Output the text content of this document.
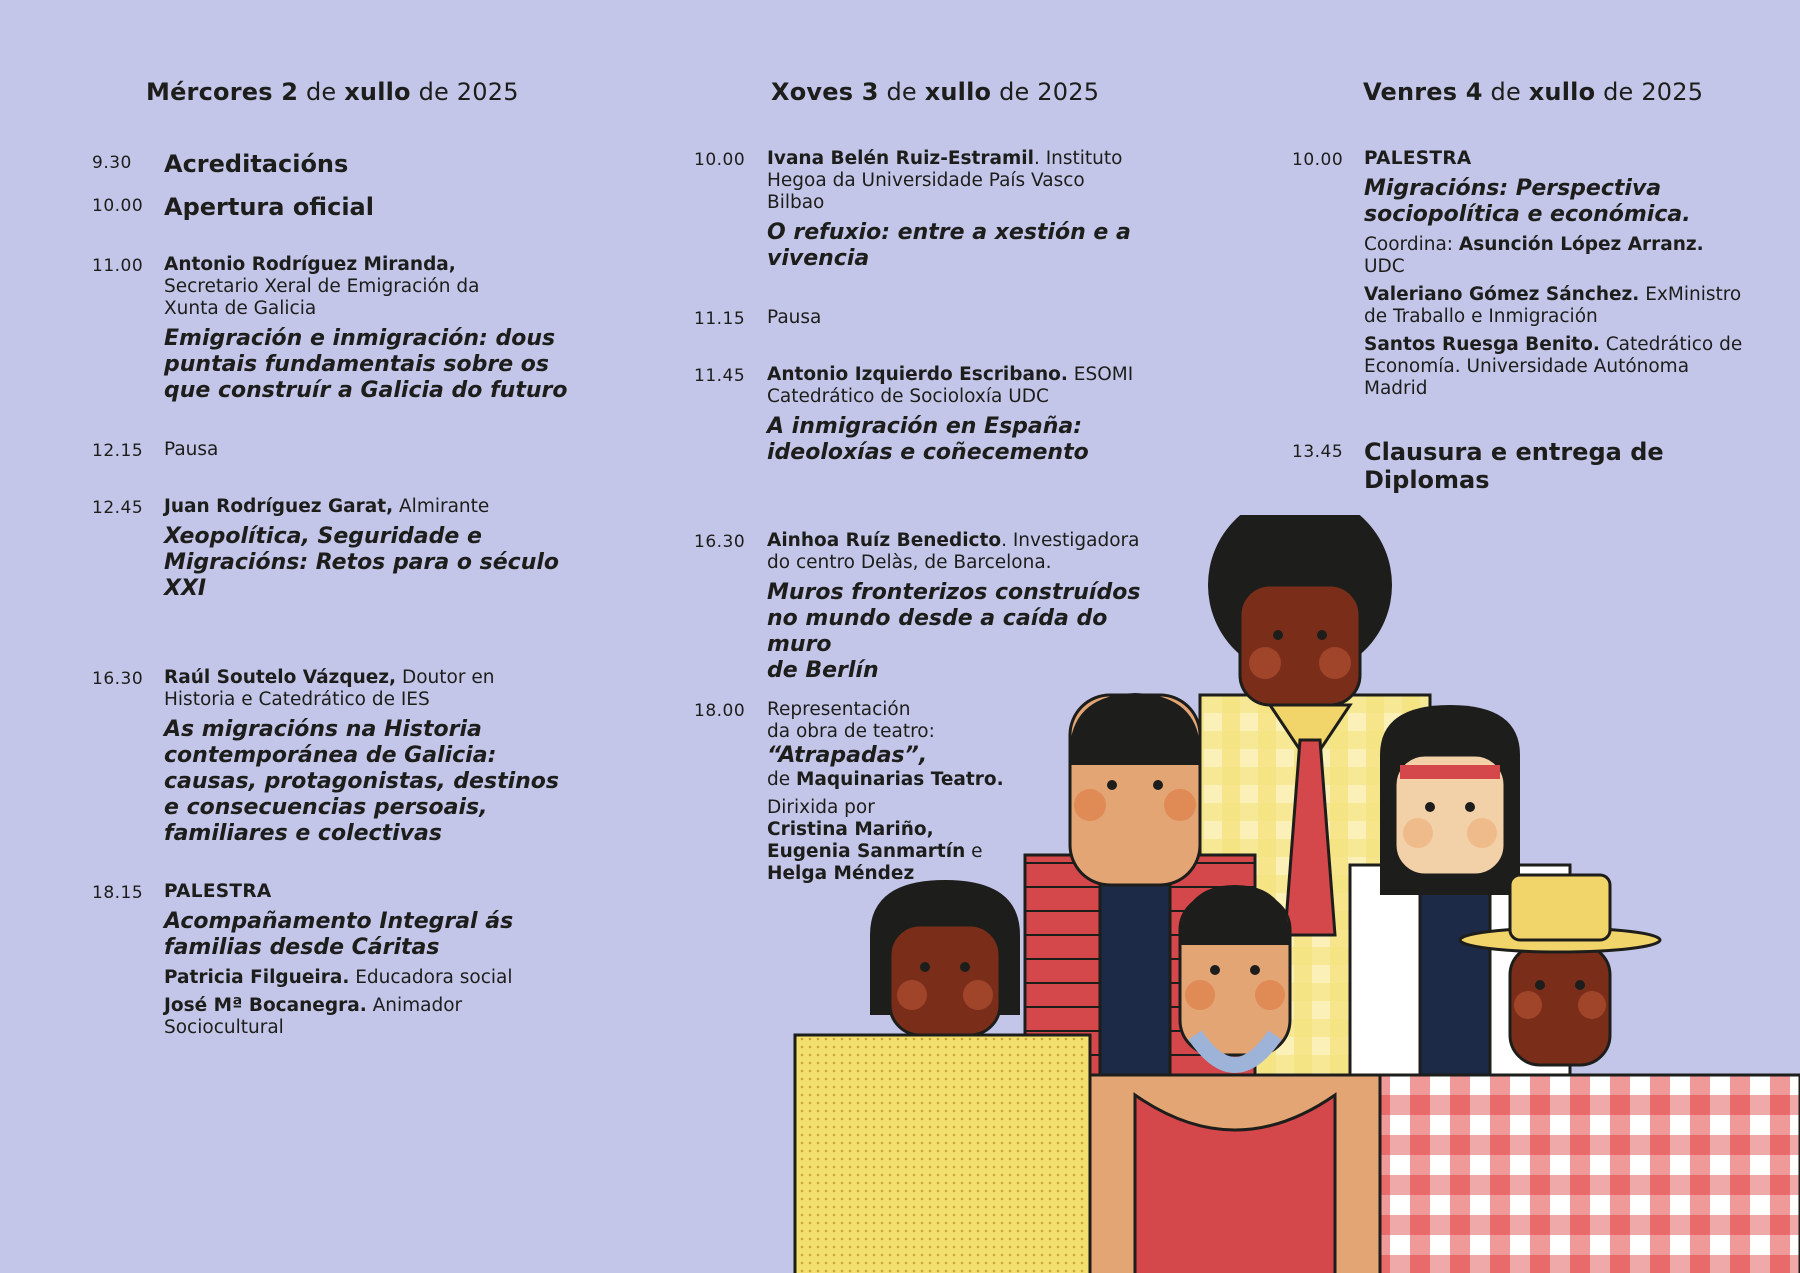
Mércores 2 de xullo de 2025
9.30 Acreditacións

10.00 Apertura oficial

11.00 Antonio Rodríguez Miranda,
Secretario Xeral de Emigración da
Xunta de Galicia

Emigración e inmigración: dous
puntais fundamentais sobre os
que construír a Galicia do futuro

12.15 Pausa

12.45 Juan Rodríguez Garat, Almirante

Xeopolítica, Seguridade e
Migracións: Retos para o século
XXI

16.30 Raúl Soutelo Vázquez, Doutor en
Historia e Catedrático de IES

As migracións na Historia
contemporánea de Galicia:
causas, protagonistas, destinos
e consecuencias persoais,
familiares e colectivas

18.15 PALESTRA

Acompañamento Integral ás
familias desde Cáritas

Patricia Filgueira. Educadora social

José Mª Bocanegra. Animador
Sociocultural

Xoves 3 de xullo de 2025
10.00 Ivana Belén Ruiz-Estramil. Instituto
Hegoa da Universidade País Vasco
Bilbao

O refuxio: entre a xestión e a
vivencia

11.15 Pausa

11.45 Antonio Izquierdo Escribano. ESOMI
Catedrático de Socioloxía UDC

A inmigración en España:
ideoloxías e coñecemento

16.30 Ainhoa Ruíz Benedicto. Investigadora
do centro Delàs, de Barcelona.

Muros fronterizos construídos
no mundo desde a caída do muro
de Berlín

18.00 Representación
da obra de teatro:

“Atrapadas”,

de Maquinarias Teatro.

Dirixida por
Cristina Mariño,
Eugenia Sanmartín e
Helga Méndez

Venres 4 de xullo de 2025
10.00 PALESTRA

Migracións: Perspectiva
sociopolítica e económica.

Coordina: Asunción López Arranz.
UDC

Valeriano Gómez Sánchez. ExMinistro
de Traballo e Inmigración

Santos Ruesga Benito. Catedrático de
Economía. Universidade Autónoma
Madrid

13.45 Clausura e entrega de
Diplomas
